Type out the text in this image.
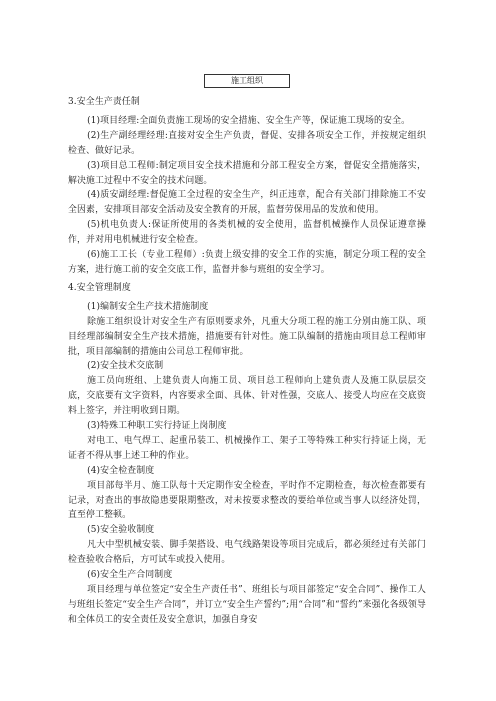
施工组织

3.安全生产责任制

(1)项目经理:全面负责施工现场的安全措施、安全生产等，保证施工现场的安全。

(2)生产副经理经理:直接对安全生产负责，督促、安排各项安全工作，并按规定组织检查、做好记录。

(3)项目总工程师:制定项目安全技术措施和分部工程安全方案，督促安全措施落实，解决施工过程中不安全的技术问题。

(4)质安副经理:督促施工全过程的安全生产，纠正违章，配合有关部门排除施工不安全因素，安排项目部安全活动及安全教育的开展，监督劳保用品的发放和使用。

(5)机电负责人:保证所使用的各类机械的安全使用，监督机械操作人员保证遵章操作，并对用电机械进行安全检查。

(6)施工工长（专业工程师）:负责上级安排的安全工作的实施，制定分项工程的安全方案，进行施工前的安全交底工作，监督并参与班组的安全学习。

4.安全管理制度

(1)编制安全生产技术措施制度

除施工组织设计对安全生产有原则要求外，凡重大分项工程的施工分别由施工队、项目经理部编制安全生产技术措施，措施要有针对性。施工队编制的措施由项目总工程师审批，项目部编制的措施由公司总工程师审批。

(2)安全技术交底制

施工员向班组、上建负责人向施工员、项目总工程师向上建负责人及施工队层层交底，交底要有文字资料，内容要求全面、具体、针对性强，交底人、接受人均应在交底资料上签字，并注明收到日期。

(3)特殊工种职工实行持证上岗制度

对电工、电气焊工、起重吊装工、机械操作工、架子工等特殊工种实行持证上岗，无证者不得从事上述工种的作业。

(4)安全检查制度

项目部每半月、施工队每十天定期作安全检查，平时作不定期检查，每次检查都要有记录，对查出的事故隐患要限期整改，对未按要求整改的要给单位或当事人以经济处罚，直至停工整顿。

(5)安全验收制度

凡大中型机械安装、脚手架搭设、电气线路架设等项目完成后，都必须经过有关部门检查验收合格后，方可试车或投入使用。

(6)安全生产合同制度

项目经理与单位签定“安全生产责任书”、班组长与项目部签定“安全合同”、操作工人与班组长签定“安全生产合同”，并订立“安全生产誓约”;用“合同”和“誓约”来强化各级领导和全体员工的安全责任及安全意识，加强自身安
